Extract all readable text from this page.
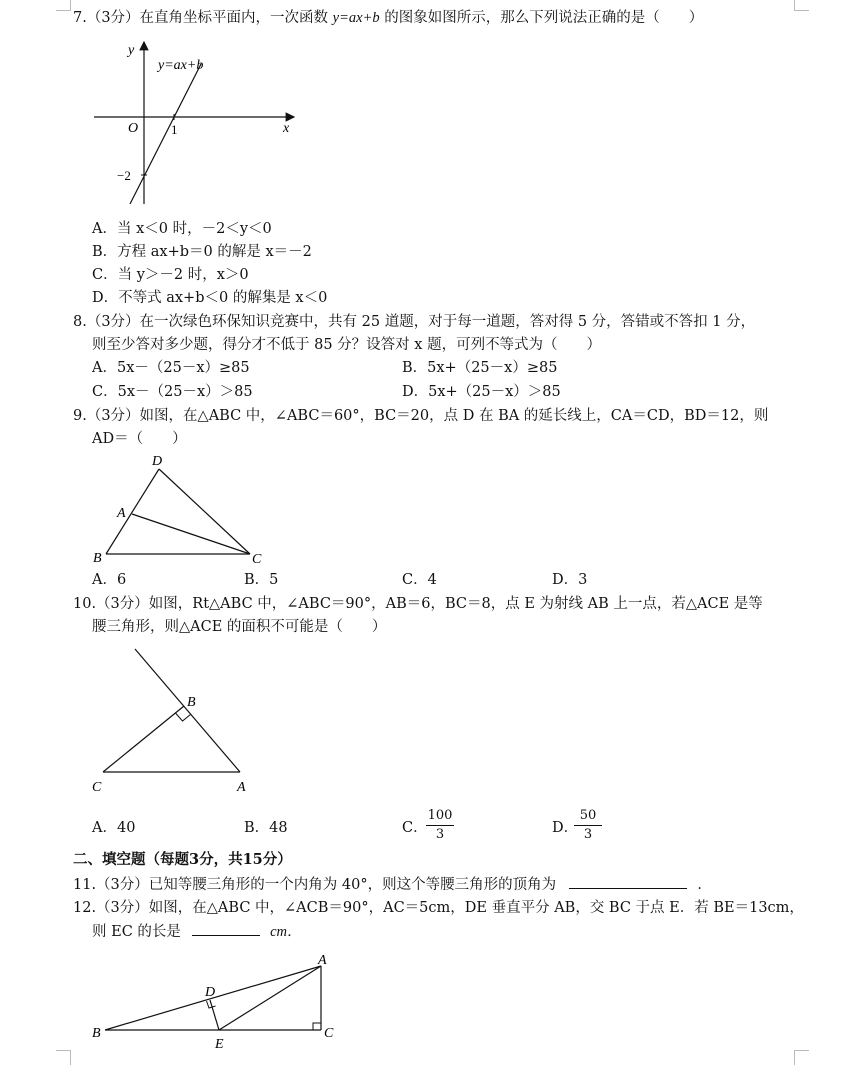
7.（3分）在直角坐标平面内，一次函数 y=ax+b 的图象如图所示，那么下列说法正确的是（　　）
y=ax+b
y
x
O	1
−2
A．当 x＜0 时，－2＜y＜0
B．方程 ax+b＝0 的解是 x＝－2
C．当 y＞－2 时，x＞0
D．不等式 ax+b＜0 的解集是 x＜0
8.（3分）在一次绿色环保知识竞赛中，共有 25 道题，对于每一道题，答对得 5 分，答错或不答扣 1 分，
则至少答对多少题，得分才不低于 85 分？设答对 x 题，可列不等式为（　　）
A．5x－（25－x）≥85	B．5x+（25－x）≥85
C．5x－（25－x）＞85	D．5x+（25－x）＞85
9.（3分）如图，在△ABC 中，∠ABC＝60°，BC＝20，点 D 在 BA 的延长线上，CA＝CD，BD＝12，则
AD＝（　　）
D
A
B	C
A．6	B．5	C．4	D．3
10.（3分）如图，Rt△ABC 中，∠ABC＝90°，AB＝6，BC＝8，点 E 为射线 AB 上一点，若△ACE 是等
腰三角形，则△ACE 的面积不可能是（　　）
B
C	A
A．40	B．48	C．
100
3	D．
50
3
二、填空题（每题3分，共15分）
11.（3分）已知等腰三角形的一个内角为 40°，则这个等腰三角形的顶角为	．
12.（3分）如图，在△ABC 中，∠ACB＝90°，AC＝5cm，DE 垂直平分 AB，交 BC 于点 E．若 BE＝13cm，
则 EC 的长是	cm．
A
D
B
E
C
